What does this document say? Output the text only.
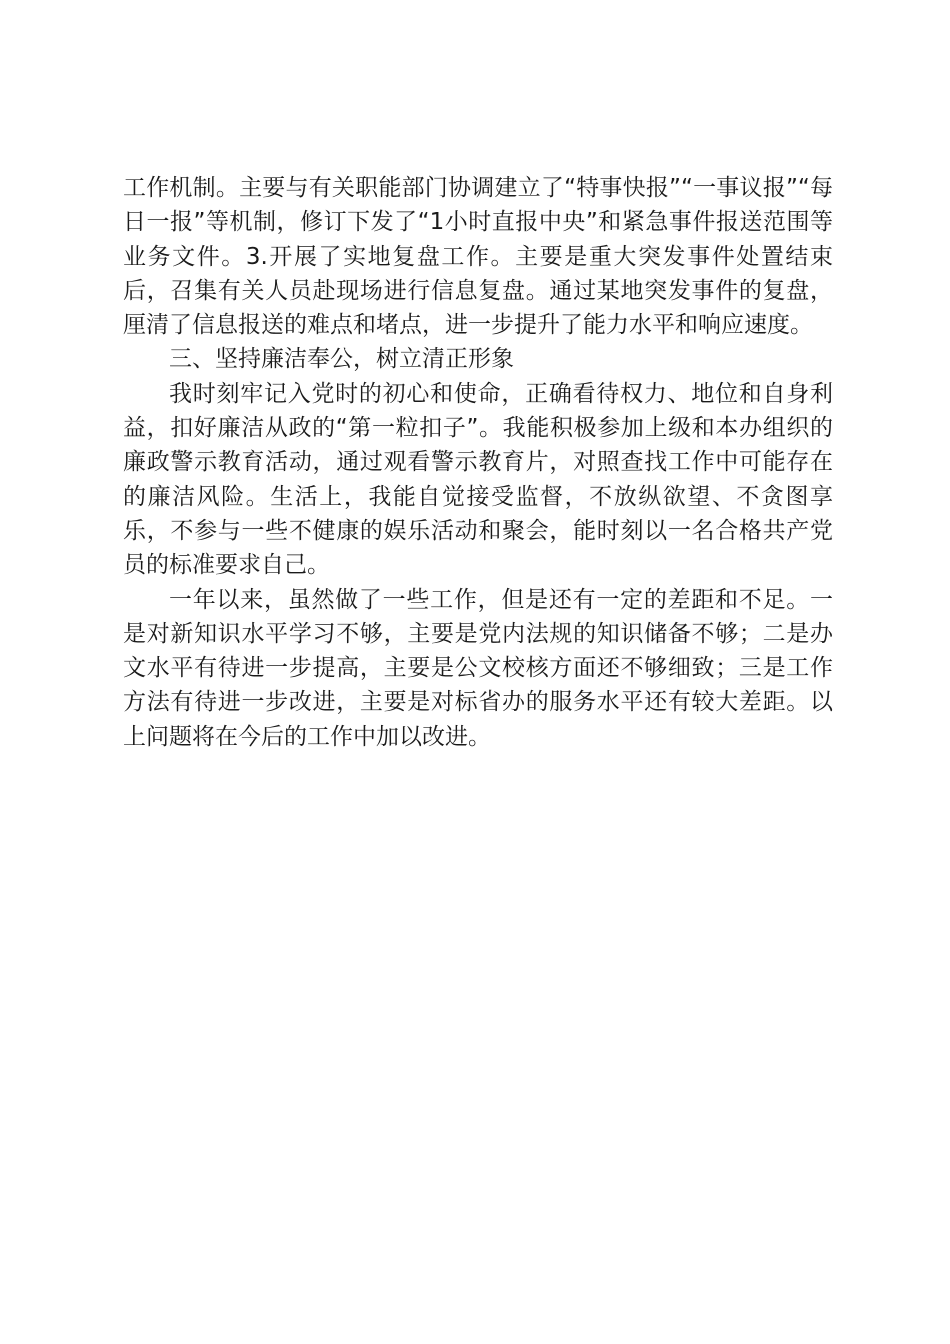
工作机制。主要与有关职能部门协调建立了“特事快报”“一事议报”“每日一报”等机制，修订下发了“1小时直报中央”和紧急事件报送范围等业务文件。3.开展了实地复盘工作。主要是重大突发事件处置结束后，召集有关人员赴现场进行信息复盘。通过某地突发事件的复盘，厘清了信息报送的难点和堵点，进一步提升了能力水平和响应速度。

三、坚持廉洁奉公，树立清正形象

我时刻牢记入党时的初心和使命，正确看待权力、地位和自身利益，扣好廉洁从政的“第一粒扣子”。我能积极参加上级和本办组织的廉政警示教育活动，通过观看警示教育片，对照查找工作中可能存在的廉洁风险。生活上，我能自觉接受监督，不放纵欲望、不贪图享乐，不参与一些不健康的娱乐活动和聚会，能时刻以一名合格共产党员的标准要求自己。

一年以来，虽然做了一些工作，但是还有一定的差距和不足。一是对新知识水平学习不够，主要是党内法规的知识储备不够；二是办文水平有待进一步提高，主要是公文校核方面还不够细致；三是工作方法有待进一步改进，主要是对标省办的服务水平还有较大差距。以上问题将在今后的工作中加以改进。
